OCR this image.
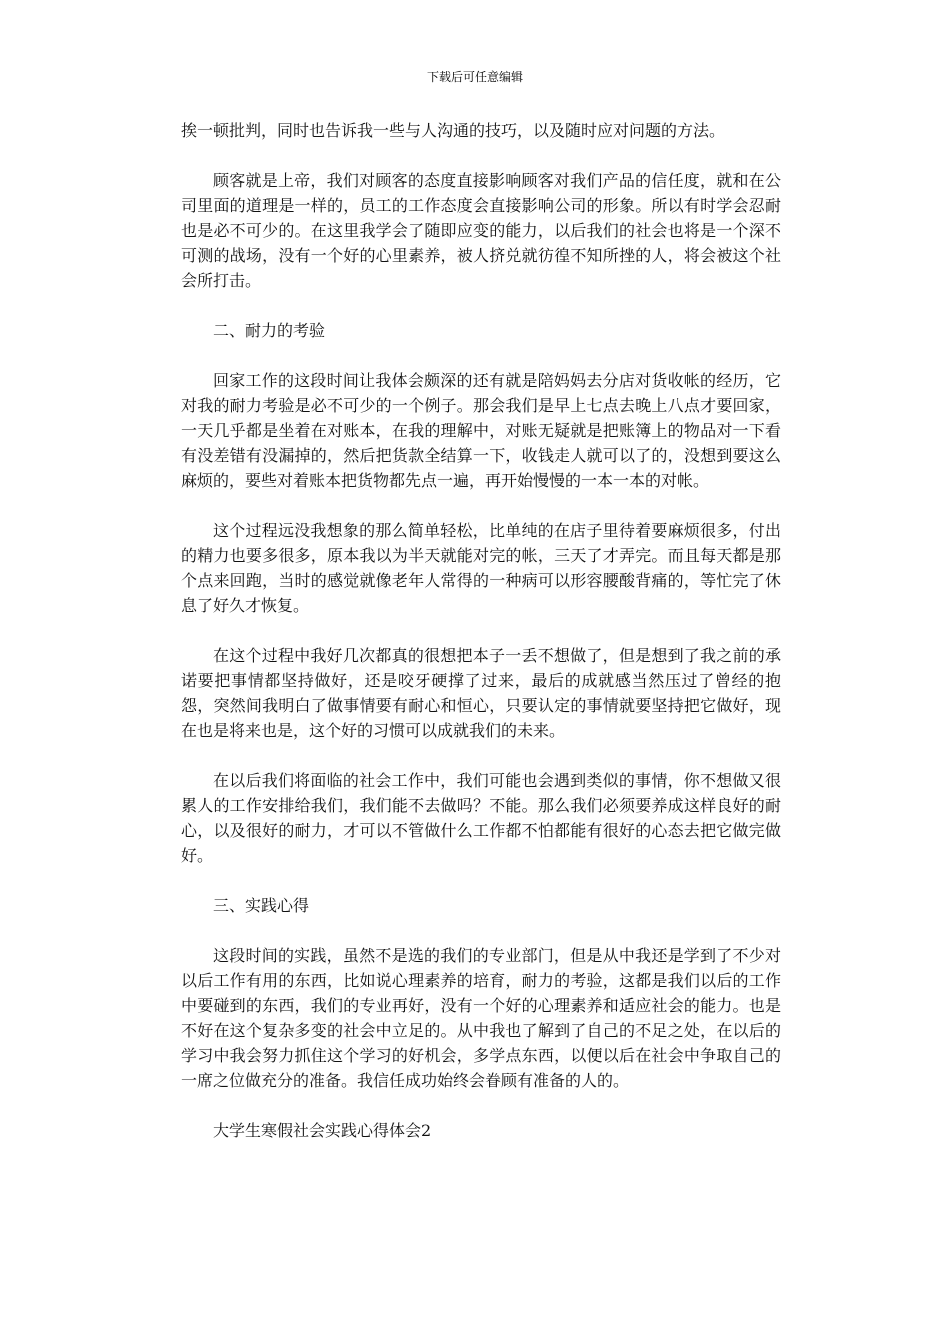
下载后可任意编辑

挨一顿批判，同时也告诉我一些与人沟通的技巧，以及随时应对问题的方法。

顾客就是上帝，我们对顾客的态度直接影响顾客对我们产品的信任度，就和在公司里面的道理是一样的，员工的工作态度会直接影响公司的形象。所以有时学会忍耐也是必不可少的。在这里我学会了随即应变的能力，以后我们的社会也将是一个深不可测的战场，没有一个好的心里素养，被人挤兑就彷徨不知所挫的人，将会被这个社会所打击。

二、耐力的考验

回家工作的这段时间让我体会颇深的还有就是陪妈妈去分店对货收帐的经历，它对我的耐力考验是必不可少的一个例子。那会我们是早上七点去晚上八点才要回家，一天几乎都是坐着在对账本，在我的理解中，对账无疑就是把账簿上的物品对一下看有没差错有没漏掉的，然后把货款全结算一下，收钱走人就可以了的，没想到要这么麻烦的，要些对着账本把货物都先点一遍，再开始慢慢的一本一本的对帐。

这个过程远没我想象的那么简单轻松，比单纯的在店子里待着要麻烦很多，付出的精力也要多很多，原本我以为半天就能对完的帐，三天了才弄完。而且每天都是那个点来回跑，当时的感觉就像老年人常得的一种病可以形容腰酸背痛的，等忙完了休息了好久才恢复。

在这个过程中我好几次都真的很想把本子一丢不想做了，但是想到了我之前的承诺要把事情都坚持做好，还是咬牙硬撑了过来，最后的成就感当然压过了曾经的抱怨，突然间我明白了做事情要有耐心和恒心，只要认定的事情就要坚持把它做好，现在也是将来也是，这个好的习惯可以成就我们的未来。

在以后我们将面临的社会工作中，我们可能也会遇到类似的事情，你不想做又很累人的工作安排给我们，我们能不去做吗？不能。那么我们必须要养成这样良好的耐心，以及很好的耐力，才可以不管做什么工作都不怕都能有很好的心态去把它做完做好。

三、实践心得

这段时间的实践，虽然不是选的我们的专业部门，但是从中我还是学到了不少对以后工作有用的东西，比如说心理素养的培育，耐力的考验，这都是我们以后的工作中要碰到的东西，我们的专业再好，没有一个好的心理素养和适应社会的能力。也是不好在这个复杂多变的社会中立足的。从中我也了解到了自己的不足之处，在以后的学习中我会努力抓住这个学习的好机会，多学点东西，以便以后在社会中争取自己的一席之位做充分的准备。我信任成功始终会眷顾有准备的人的。

大学生寒假社会实践心得体会2
